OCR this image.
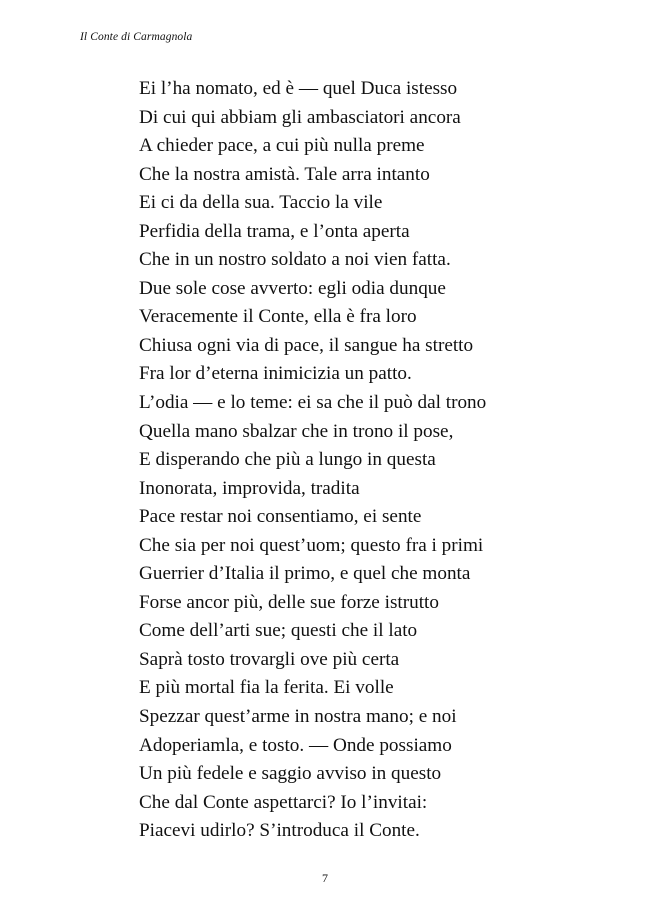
Il Conte di Carmagnola
Ei l’ha nomato, ed è — quel Duca istesso
Di cui qui abbiam gli ambasciatori ancora
A chieder pace, a cui più nulla preme
Che la nostra amistà. Tale arra intanto
Ei ci da della sua. Taccio la vile
Perfidia della trama, e l’onta aperta
Che in un nostro soldato a noi vien fatta.
Due sole cose avverto: egli odia dunque
Veracemente il Conte, ella è fra loro
Chiusa ogni via di pace, il sangue ha stretto
Fra lor d’eterna inimicizia un patto.
L’odia — e lo teme: ei sa che il può dal trono
Quella mano sbalzar che in trono il pose,
E disperando che più a lungo in questa
Inonorata, improvida, tradita
Pace restar noi consentiamo, ei sente
Che sia per noi quest’uom; questo fra i primi
Guerrier d’Italia il primo, e quel che monta
Forse ancor più, delle sue forze istrutto
Come dell’arti sue; questi che il lato
Saprà tosto trovargli ove più certa
E più mortal fia la ferita. Ei volle
Spezzar quest’arme in nostra mano; e noi
Adoperiamla, e tosto. — Onde possiamo
Un più fedele e saggio avviso in questo
Che dal Conte aspettarci? Io l’invitai:
Piacevi udirlo? S’introduca il Conte.
7
